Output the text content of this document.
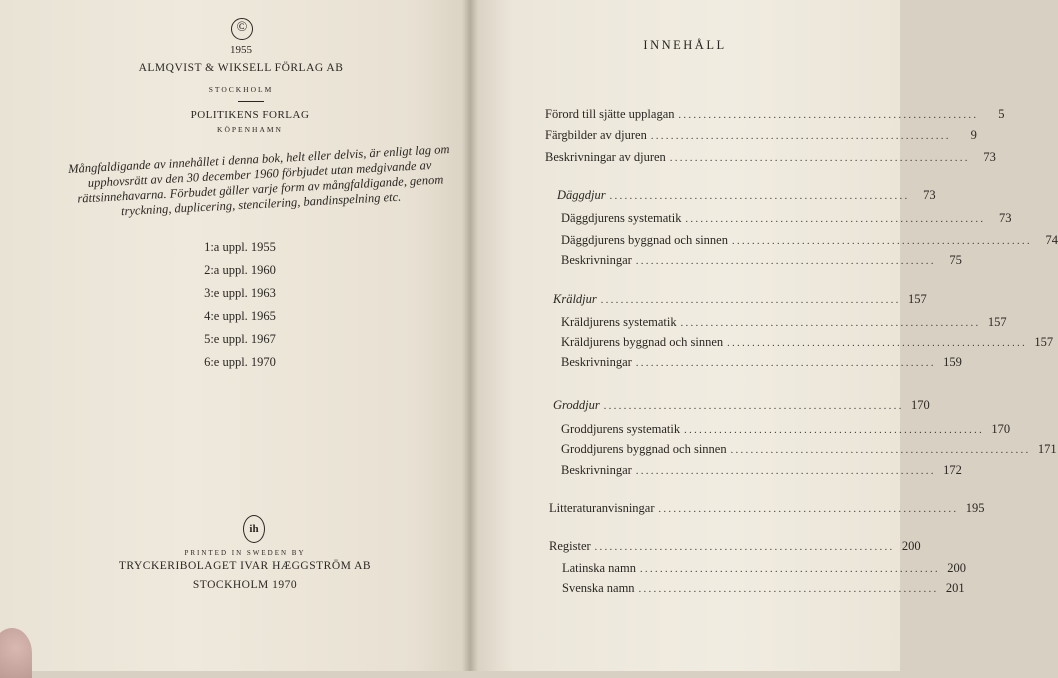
©
1955
ALMQVIST & WIKSELL FÖRLAG AB
STOCKHOLM
POLITIKENS FORLAG
KÖPENHAMN
Mångfaldigande av innehållet i denna bok, helt eller delvis, är enligt lag om upphovsrätt av den 30 december 1960 förbjudet utan medgivande av rättsinnehavarna. Förbudet gäller varje form av mångfaldigande, genom tryckning, duplicering, stencilering, bandinspelning etc.
1:a uppl. 1955
2:a uppl. 1960
3:e uppl. 1963
4:e uppl. 1965
5:e uppl. 1967
6:e uppl. 1970
ih
PRINTED IN SWEDEN BY
TRYCKERIBOLAGET IVAR HÆGGSTRÖM AB
STOCKHOLM 1970
INNEHÅLL
Förord till sjätte upplagan ............................................................	5
Färgbilder av djuren ............................................................	9
Beskrivningar av djuren ............................................................	73
Däggdjur ............................................................	73
Däggdjurens systematik ............................................................	73
Däggdjurens byggnad och sinnen ............................................................	74
Beskrivningar ............................................................	75
Kräldjur ............................................................ 157
Kräldjurens systematik ............................................................ 157
Kräldjurens byggnad och sinnen ............................................................ 157
Beskrivningar ............................................................ 159
Groddjur ............................................................ 170
Groddjurens systematik ............................................................ 170
Groddjurens byggnad och sinnen ............................................................ 171
Beskrivningar ............................................................ 172
Litteraturanvisningar ............................................................ 195
Register ............................................................ 200
Latinska namn ............................................................ 200
Svenska namn ............................................................ 201
